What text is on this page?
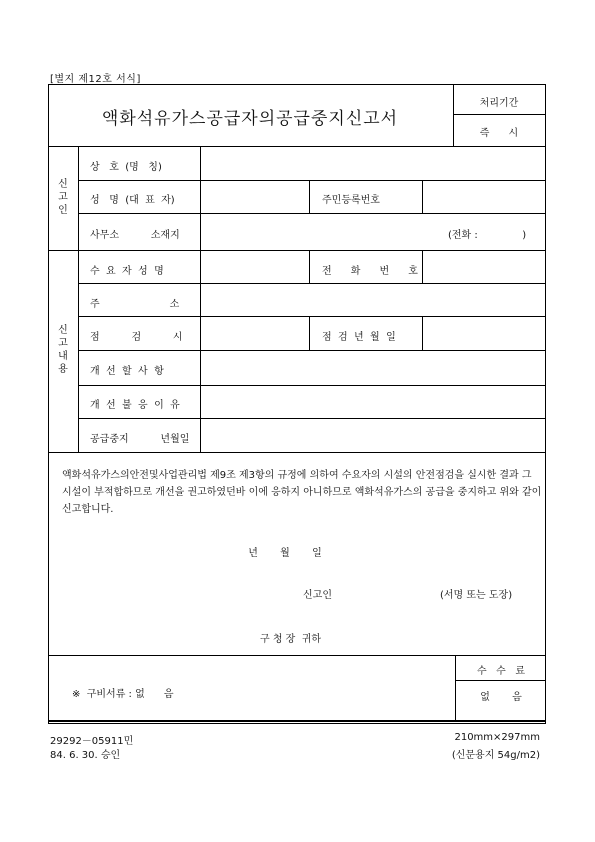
[별지 제12호 서식]
액화석유가스공급자의공급중지신고서
처리기간
즉      시
신
고
인
상   호  (명   칭)
성   명  (대  표  자)	주민등록번호
사무소          소재지	(전화 :              )
신
고
내
용
수  요  자  성  명	전      화      번      호
주                      소
점          검          시	점  검  년  월  일
개  선  할  사  항
개  선  불  응  이  유
공급중지          년월일
액화석유가스의안전및사업관리법 제9조 제3항의 규정에 의하여 수요자의 시설의 안전점검을 실시한 결과 그 시설이 부적합하므로 개선을 권고하였던바 이에 응하지 아니하므로 액화석유가스의 공급을 중지하고 위와 같이 신고합니다.
년       월       일
신고인	(서명 또는 도장)
구 청 장  귀하
※  구비서류 : 없      음
수   수   료
없       음
29292－05911민
84. 6. 30. 승인
210mm×297mm
(신문용지 54g/m2)
